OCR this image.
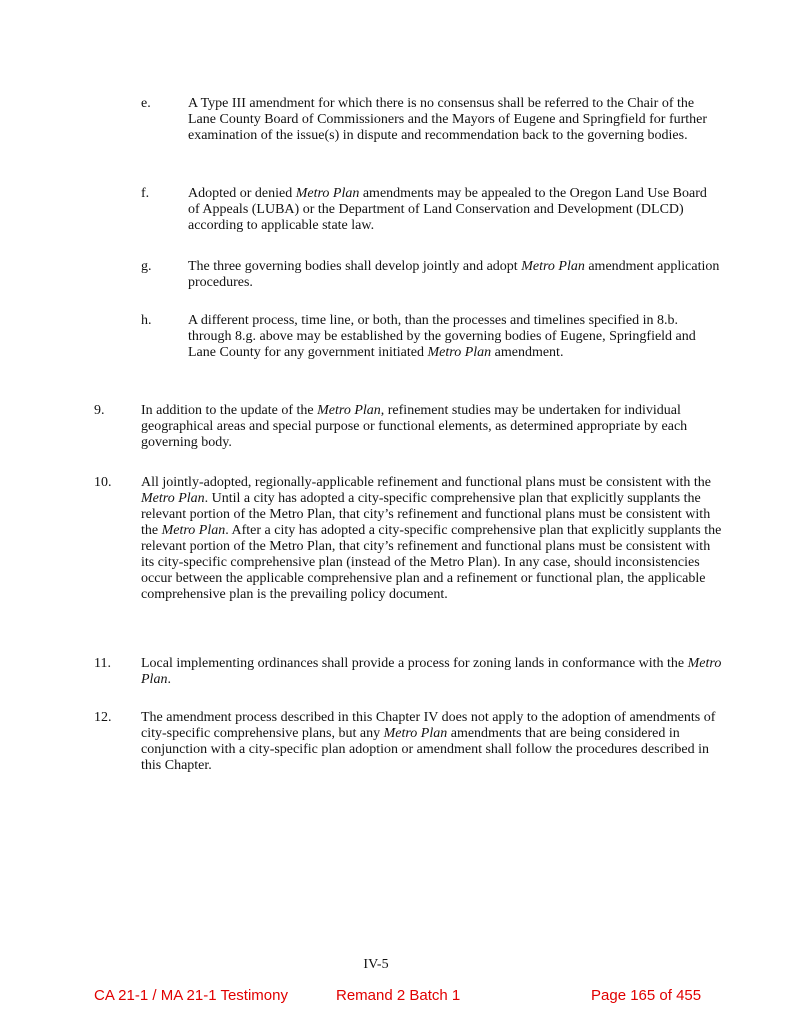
e.	A Type III amendment for which there is no consensus shall be referred to the Chair of the Lane County Board of Commissioners and the Mayors of Eugene and Springfield for further examination of the issue(s) in dispute and recommendation back to the governing bodies.
f.	Adopted or denied Metro Plan amendments may be appealed to the Oregon Land Use Board of Appeals (LUBA) or the Department of Land Conservation and Development (DLCD) according to applicable state law.
g.	The three governing bodies shall develop jointly and adopt Metro Plan amendment application procedures.
h.	A different process, time line, or both, than the processes and timelines specified in 8.b. through 8.g. above may be established by the governing bodies of Eugene, Springfield and Lane County for any government initiated Metro Plan amendment.
9.	In addition to the update of the Metro Plan, refinement studies may be undertaken for individual geographical areas and special purpose or functional elements, as determined appropriate by each governing body.
10. All jointly-adopted, regionally-applicable refinement and functional plans must be consistent with the Metro Plan. Until a city has adopted a city-specific comprehensive plan that explicitly supplants the relevant portion of the Metro Plan, that city’s refinement and functional plans must be consistent with the Metro Plan. After a city has adopted a city-specific comprehensive plan that explicitly supplants the relevant portion of the Metro Plan, that city’s refinement and functional plans must be consistent with its city-specific comprehensive plan (instead of the Metro Plan). In any case, should inconsistencies occur between the applicable comprehensive plan and a refinement or functional plan, the applicable comprehensive plan is the prevailing policy document.
11. Local implementing ordinances shall provide a process for zoning lands in conformance with the Metro Plan.
12. The amendment process described in this Chapter IV does not apply to the adoption of amendments of city-specific comprehensive plans, but any Metro Plan amendments that are being considered in conjunction with a city-specific plan adoption or amendment shall follow the procedures described in this Chapter.
IV-5
CA 21-1 / MA 21-1 Testimony	Remand 2 Batch 1	Page 165 of 455
